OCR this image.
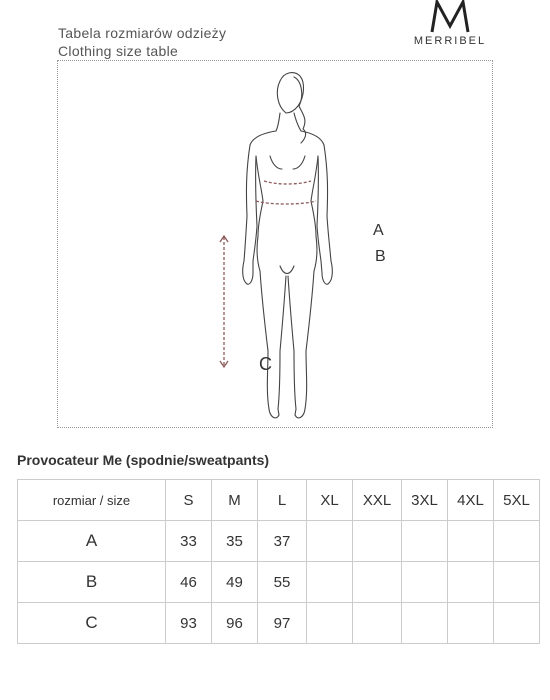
Tabela rozmiarów odzieży
Clothing size table
MERRIBEL
A
B
C
Provocateur Me (spodnie/sweatpants)
rozmiar / size	S	M	L	XL	XXL	3XL	4XL	5XL
A	33	35	37					
B	46	49	55					
C	93	96	97					
